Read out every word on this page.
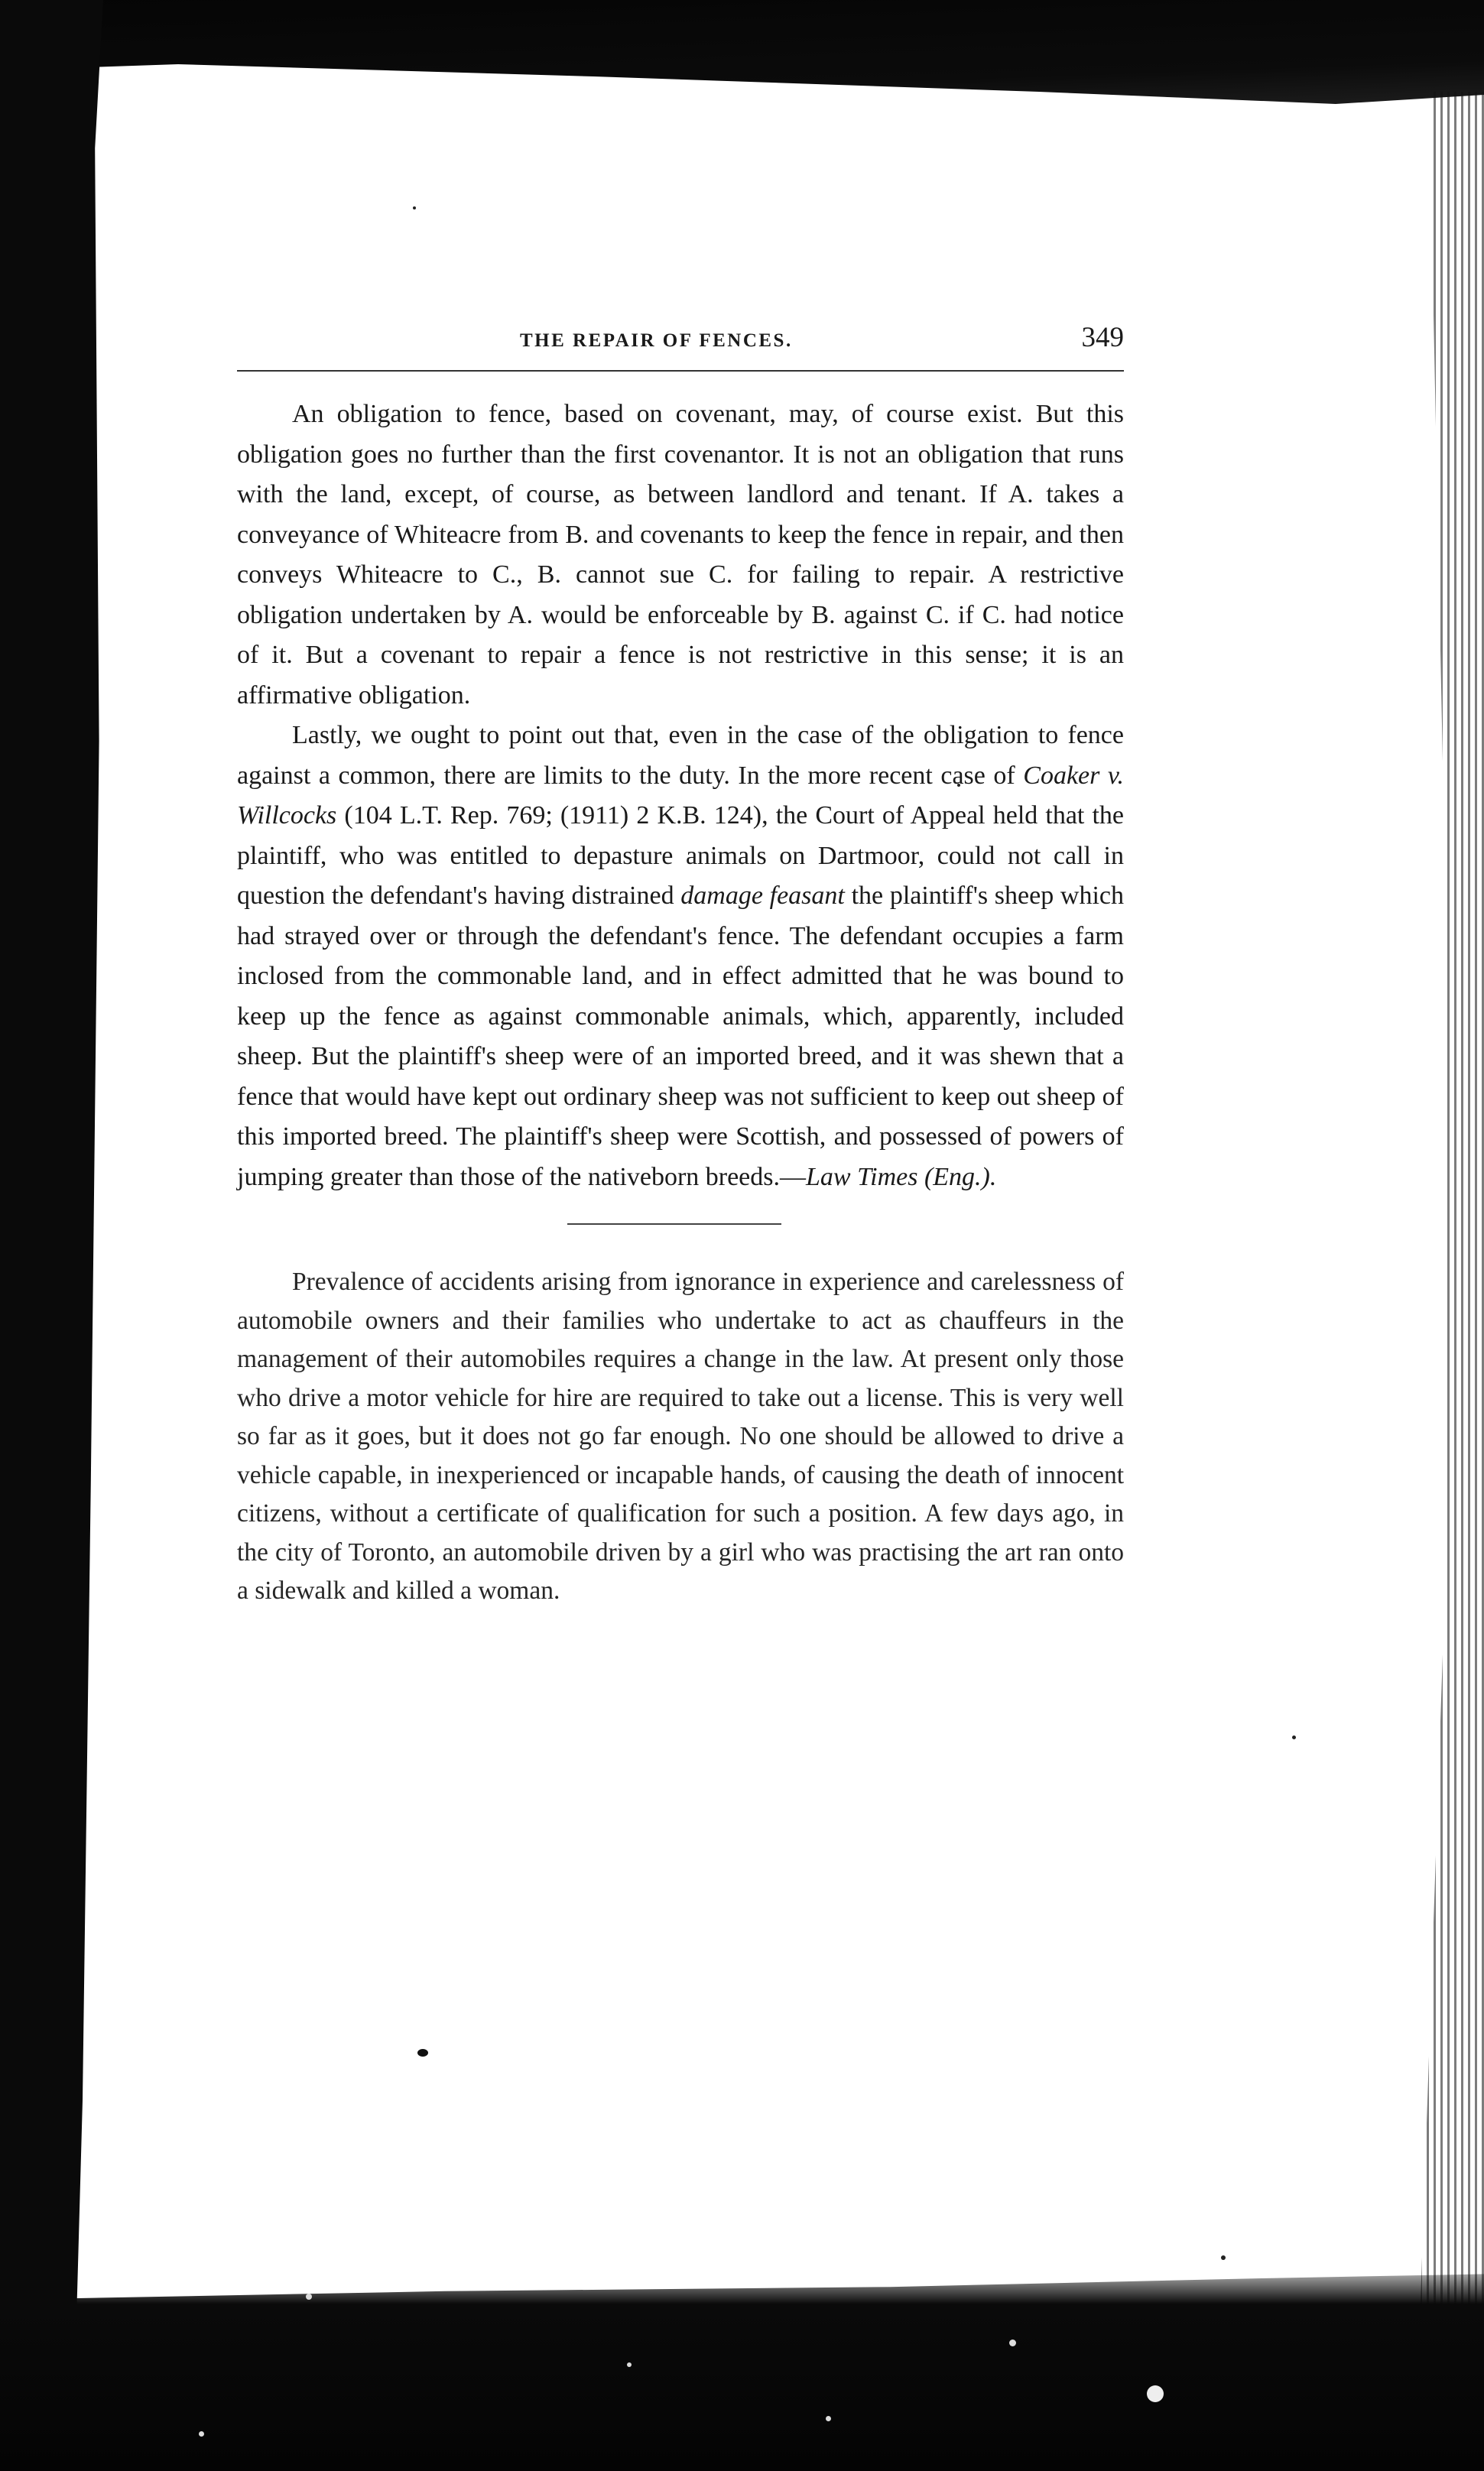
THE REPAIR OF FENCES.	349

An obligation to fence, based on covenant, may, of course exist. But this obligation goes no further than the first covenantor. It is not an obligation that runs with the land, except, of course, as between landlord and tenant. If A. takes a conveyance of Whiteacre from B. and covenants to keep the fence in repair, and then conveys Whiteacre to C., B. cannot sue C. for failing to repair. A restrictive obligation undertaken by A. would be enforceable by B. against C. if C. had notice of it. But a covenant to repair a fence is not restrictive in this sense; it is an affirmative obligation.

Lastly, we ought to point out that, even in the case of the obligation to fence against a common, there are limits to the duty. In the more recent case of Coaker v. Willcocks (104 L.T. Rep. 769; (1911) 2 K.B. 124), the Court of Appeal held that the plaintiff, who was entitled to depasture animals on Dartmoor, could not call in question the defendant's having distrained damage feasant the plaintiff's sheep which had strayed over or through the defendant's fence. The defendant occupies a farm inclosed from the commonable land, and in effect admitted that he was bound to keep up the fence as against commonable animals, which, apparently, included sheep. But the plaintiff's sheep were of an imported breed, and it was shewn that a fence that would have kept out ordinary sheep was not sufficient to keep out sheep of this imported breed. The plaintiff's sheep were Scottish, and possessed of powers of jumping greater than those of the nativeborn breeds.—Law Times (Eng.).

Prevalence of accidents arising from ignorance in experience and carelessness of automobile owners and their families who undertake to act as chauffeurs in the management of their automobiles requires a change in the law. At present only those who drive a motor vehicle for hire are required to take out a license. This is very well so far as it goes, but it does not go far enough. No one should be allowed to drive a vehicle capable, in inexperienced or incapable hands, of causing the death of innocent citizens, without a certificate of qualification for such a position. A few days ago, in the city of Toronto, an automobile driven by a girl who was practising the art ran onto a sidewalk and killed a woman.
